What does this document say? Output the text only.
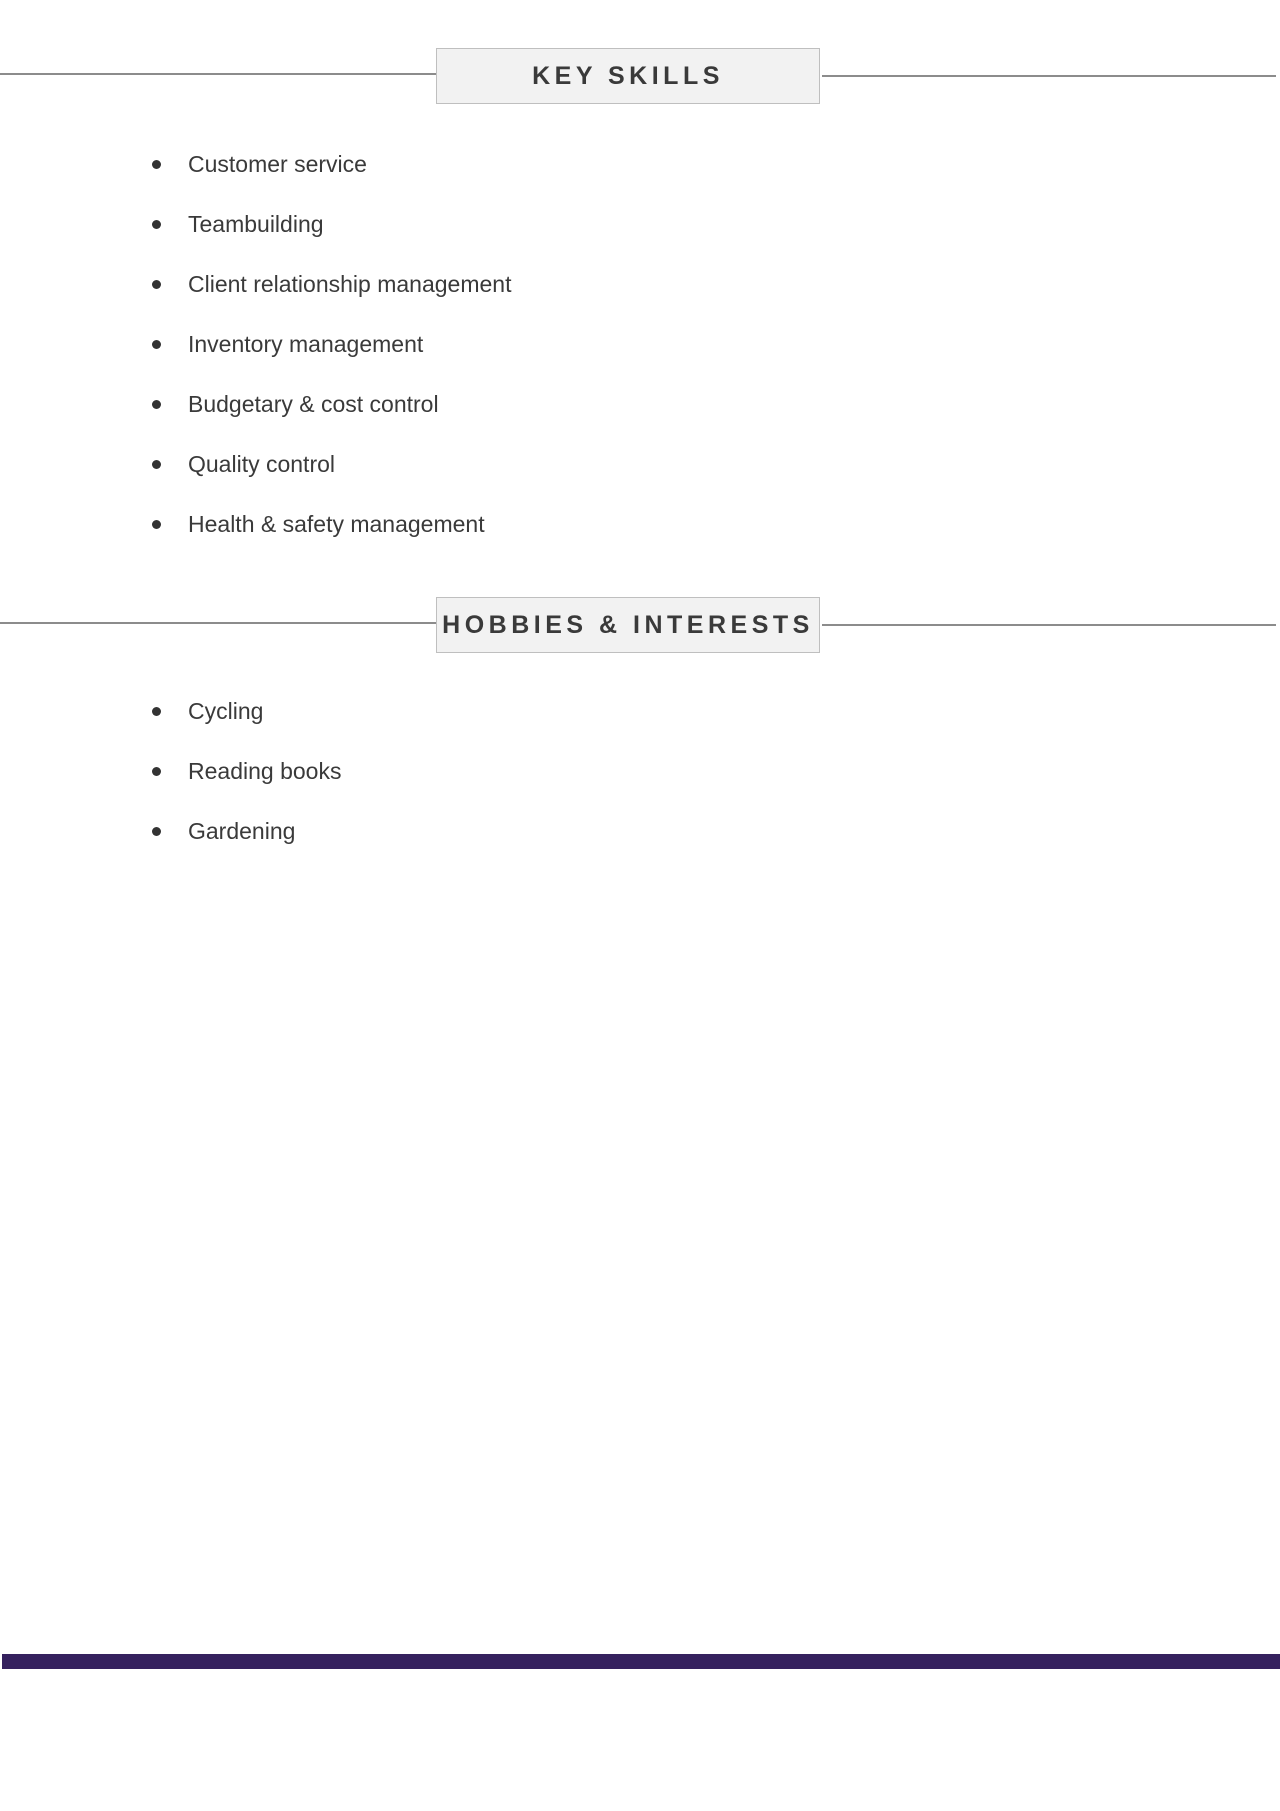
KEY SKILLS
Customer service
Teambuilding
Client relationship management
Inventory management
Budgetary & cost control
Quality control
Health & safety management
HOBBIES & INTERESTS
Cycling
Reading books
Gardening
